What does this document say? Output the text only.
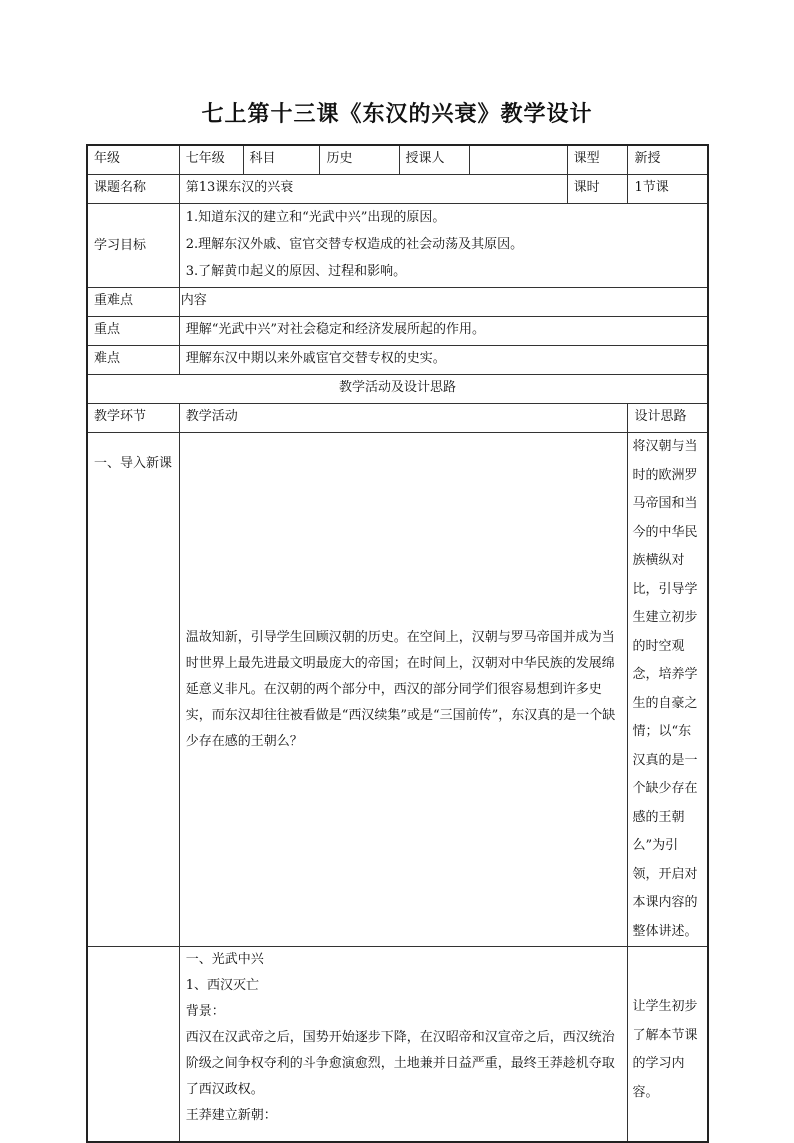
七上第十三课《东汉的兴衰》教学设计
年级	七年级	科目	历史	授课人		课型	新授
课题名称	第13课东汉的兴衰					课时	1节课
学习目标	1.知道东汉的建立和“光武中兴”出现的原因。
2.理解东汉外戚、宦官交替专权造成的社会动荡及其原因。
3.了解黄巾起义的原因、过程和影响。						

重难点	内容						
重点	理解“光武中兴”对社会稳定和经济发展所起的作用。						
难点	理解东汉中期以来外戚宦官交替专权的史实。						
教学活动及设计思路							
教学环节	教学活动						设计思路
一、导入新课	温故知新，引导学生回顾汉朝的历史。在空间上，汉朝与罗马帝国并成为当时世界上最先进最文明最庞大的帝国；在时间上，汉朝对中华民族的发展绵延意义非凡。在汉朝的两个部分中，西汉的部分同学们很容易想到许多史实，而东汉却往往被看做是“西汉续集”或是“三国前传”，东汉真的是一个缺少存在感的王朝么？						将汉朝与当时的欧洲罗马帝国和当今的中华民族横纵对比，引导学生建立初步的时空观念，培养学生的自豪之情；以“东汉真的是一个缺少存在感的王朝么”为引领，开启对本课内容的整体讲述。

	一、光武中兴
1、西汉灭亡
背景：
西汉在汉武帝之后，国势开始逐步下降，在汉昭帝和汉宣帝之后，西汉统治阶级之间争权夺利的斗争愈演愈烈，土地兼并日益严重，最终王莽趁机夺取了西汉政权。
王莽建立新朝：						让学生初步了解本节课的学习内容。
